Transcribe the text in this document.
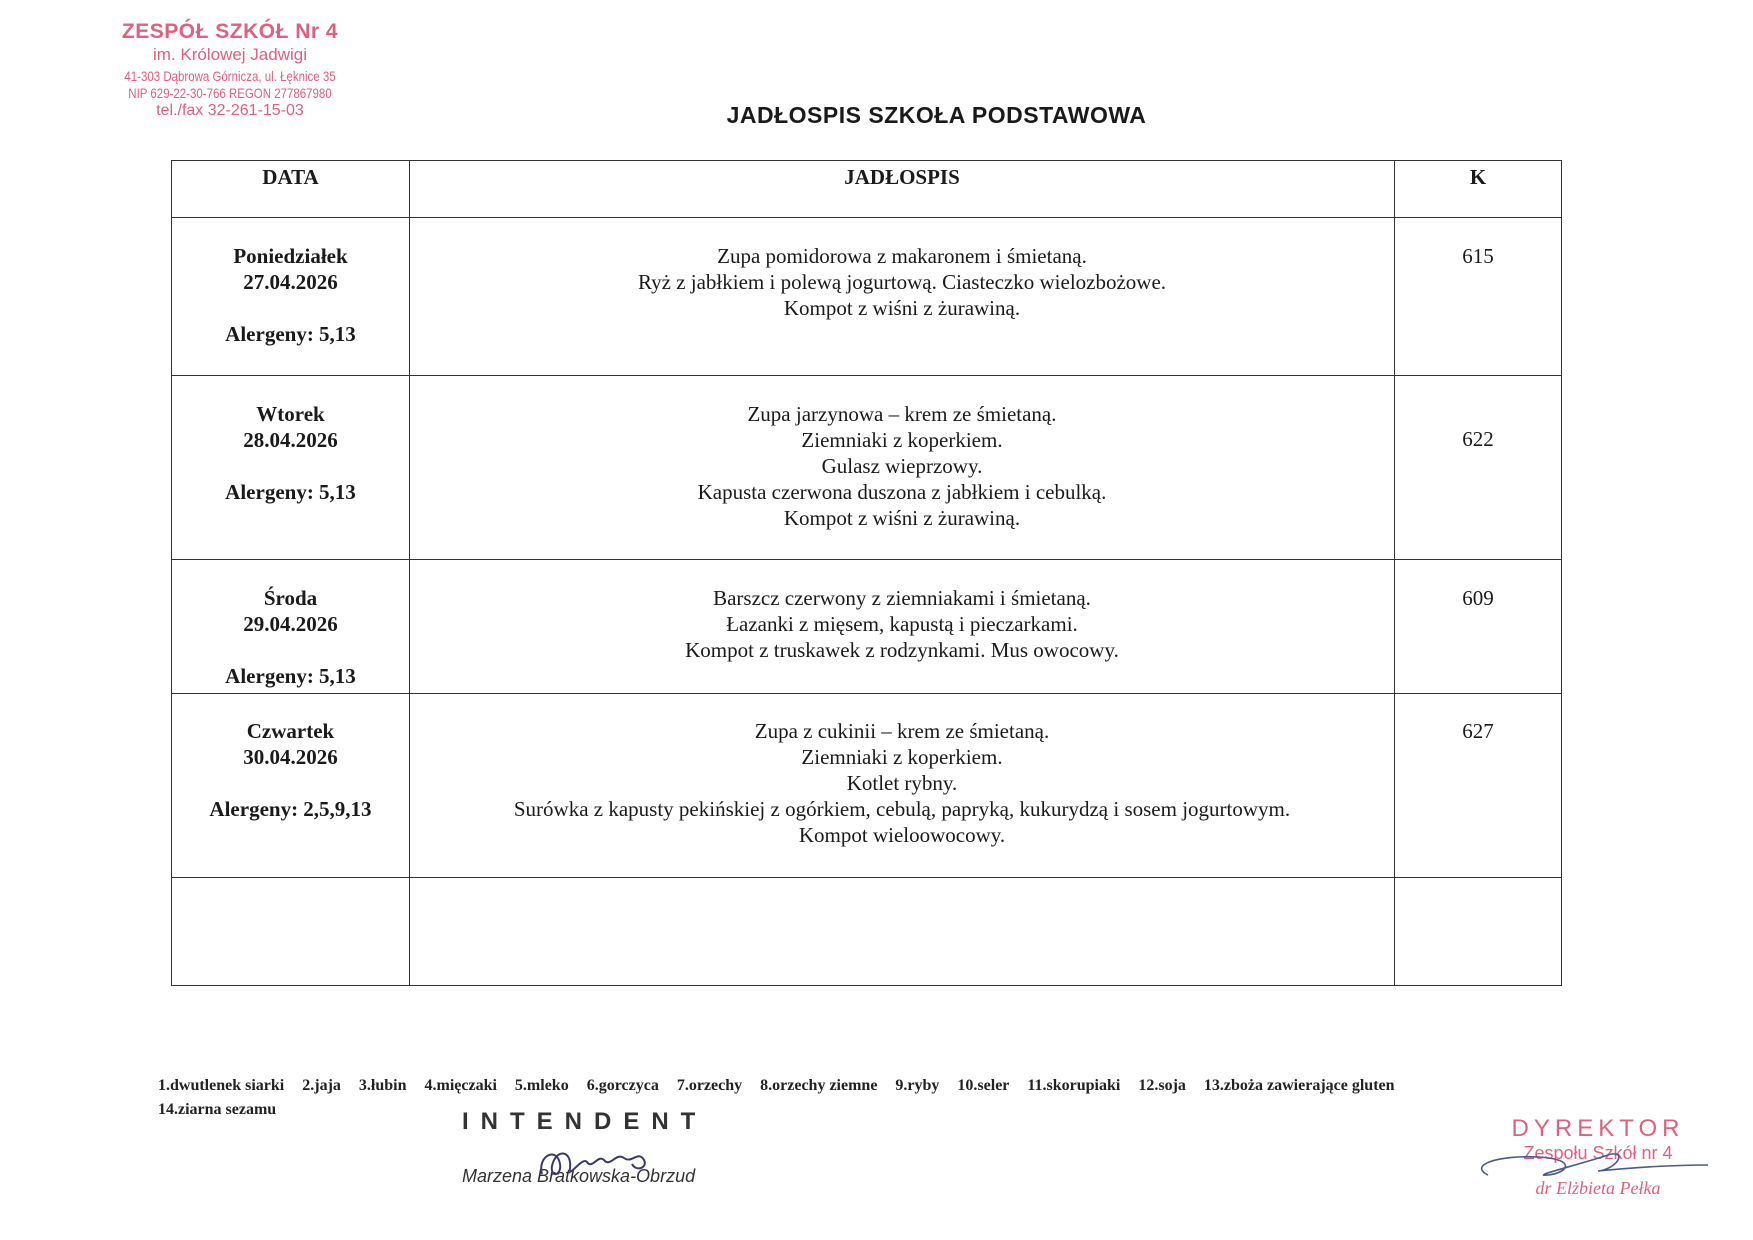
ZESPÓŁ SZKÓŁ Nr 4
im. Królowej Jadwigi
41-303 Dąbrowa Górnicza, ul. Łęknice 35
NIP 629-22-30-766 REGON 277867980
tel./fax 32-261-15-03	JADŁOSPIS SZKOŁA PODSTAWOWA
DATA	JADŁOSPIS	K

Poniedziałek
27.04.2026
Alergeny: 5,13	Zupa pomidorowa z makaronem i śmietaną.
Ryż z jabłkiem i polewą jogurtową. Ciasteczko wielozbożowe.
Kompot z wiśni z żurawiną.	615

Wtorek
28.04.2026
Alergeny: 5,13	Zupa jarzynowa – krem ze śmietaną.
Ziemniaki z koperkiem.
Gulasz wieprzowy.
Kapusta czerwona duszona z jabłkiem i cebulką.
Kompot z wiśni z żurawiną.	622

Środa
29.04.2026
Alergeny: 5,13	Barszcz czerwony z ziemniakami i śmietaną.
Łazanki z mięsem, kapustą i pieczarkami.
Kompot z truskawek z rodzynkami. Mus owocowy.	609

Czwartek
30.04.2026
Alergeny: 2,5,9,13	Zupa z cukinii – krem ze śmietaną.
Ziemniaki z koperkiem.
Kotlet rybny.
Surówka z kapusty pekińskiej z ogórkiem, cebulą, papryką, kukurydzą i sosem jogurtowym.
Kompot wieloowocowy.	627

1.dwutlenek siarki 2.jaja 3.łubin 4.mięczaki 5.mleko 6.gorczyca 7.orzechy 8.orzechy ziemne 9.ryby 10.seler 11.skorupiaki 12.soja 13.zboża zawierające gluten
14.ziarna sezamu	INTENDENT
Marzena Bratkowska-Obrzud
DYREKTOR
Zespołu Szkół nr 4
dr Elżbieta Pełka
